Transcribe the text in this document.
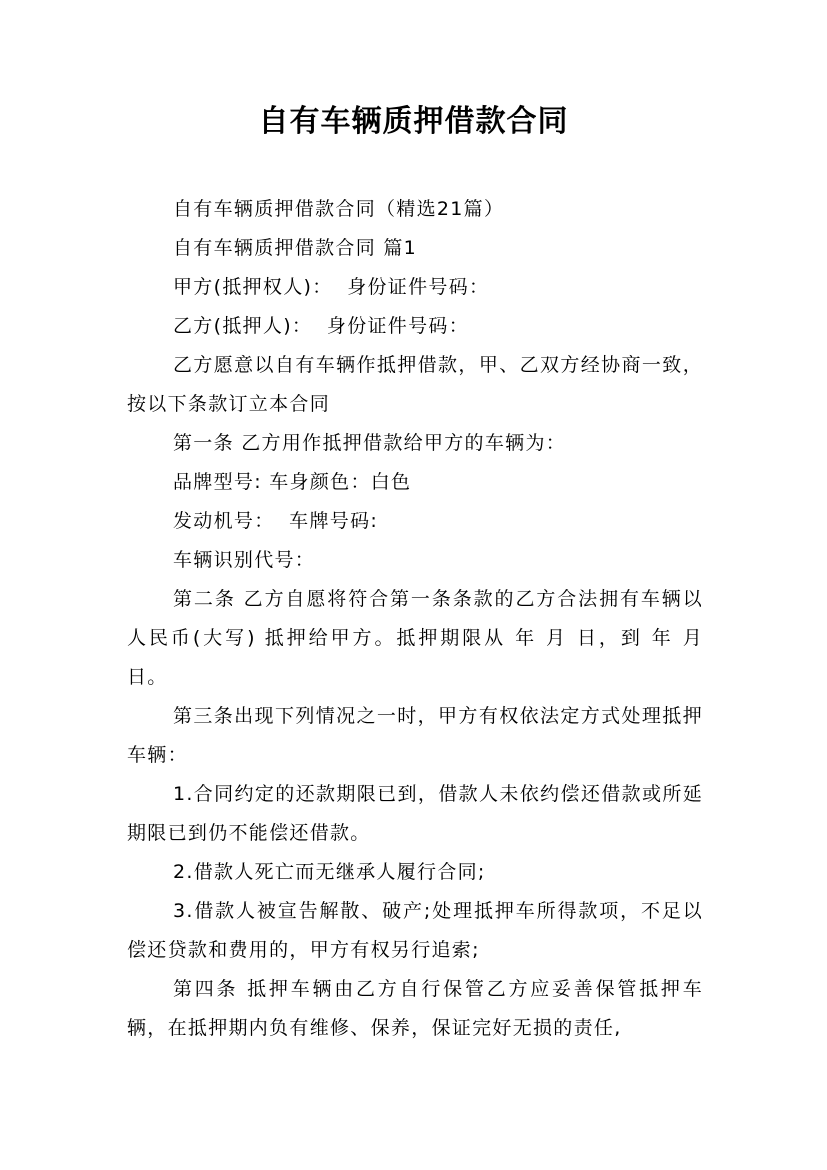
自有车辆质押借款合同

自有车辆质押借款合同（精选21篇）

自有车辆质押借款合同 篇1

甲方(抵押权人)：  身份证件号码：

乙方(抵押人)：  身份证件号码：

乙方愿意以自有车辆作抵押借款，甲、乙双方经协商一致，按以下条款订立本合同

第一条 乙方用作抵押借款给甲方的车辆为：

品牌型号: 车身颜色：白色

发动机号：  车牌号码:

车辆识别代号：

第二条 乙方自愿将符合第一条条款的乙方合法拥有车辆以人民币(大写) 抵押给甲方。抵押期限从 年 月 日，到 年 月 日。

第三条出现下列情况之一时，甲方有权依法定方式处理抵押车辆：

1.合同约定的还款期限已到，借款人未依约偿还借款或所延期限已到仍不能偿还借款。

2.借款人死亡而无继承人履行合同;

3.借款人被宣告解散、破产;处理抵押车所得款项，不足以偿还贷款和费用的，甲方有权另行追索;

第四条 抵押车辆由乙方自行保管乙方应妥善保管抵押车辆，在抵押期内负有维修、保养，保证完好无损的责任,
